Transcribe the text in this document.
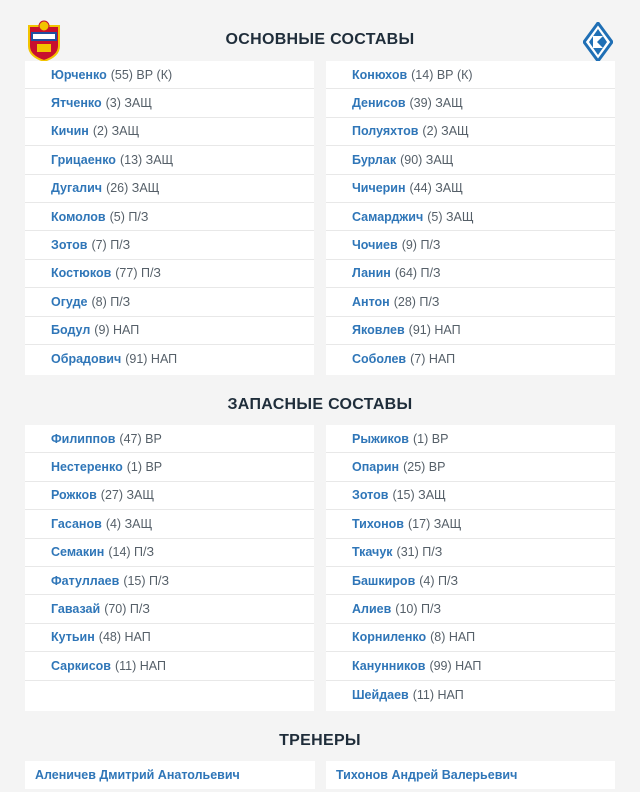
ОСНОВНЫЕ СОСТАВЫ
ЗАПАСНЫЕ СОСТАВЫ
ТРЕНЕРЫ
Юрченко (55) ВР (К)
Ятченко (3) ЗАЩ
Кичин (2) ЗАЩ
Грицаенко (13) ЗАЩ
Дугалич (26) ЗАЩ
Комолов (5) П/З
Зотов (7) П/З
Костюков (77) П/З
Огуде (8) П/З
Бодул (9) НАП
Обрадович (91) НАП
Конюхов (14) ВР (К)
Денисов (39) ЗАЩ
Полуяхтов (2) ЗАЩ
Бурлак (90) ЗАЩ
Чичерин (44) ЗАЩ
Самарджич (5) ЗАЩ
Чочиев (9) П/З
Ланин (64) П/З
Антон (28) П/З
Яковлев (91) НАП
Соболев (7) НАП
Филиппов (47) ВР
Нестеренко (1) ВР
Рожков (27) ЗАЩ
Гасанов (4) ЗАЩ
Семакин (14) П/З
Фатуллаев (15) П/З
Гавазай (70) П/З
Кутьин (48) НАП
Саркисов (11) НАП
Рыжиков (1) ВР
Опарин (25) ВР
Зотов (15) ЗАЩ
Тихонов (17) ЗАЩ
Ткачук (31) П/З
Башкиров (4) П/З
Алиев (10) П/З
Корниленко (8) НАП
Канунников (99) НАП
Шейдаев (11) НАП
Аленичев Дмитрий Анатольевич	Тихонов Андрей Валерьевич
